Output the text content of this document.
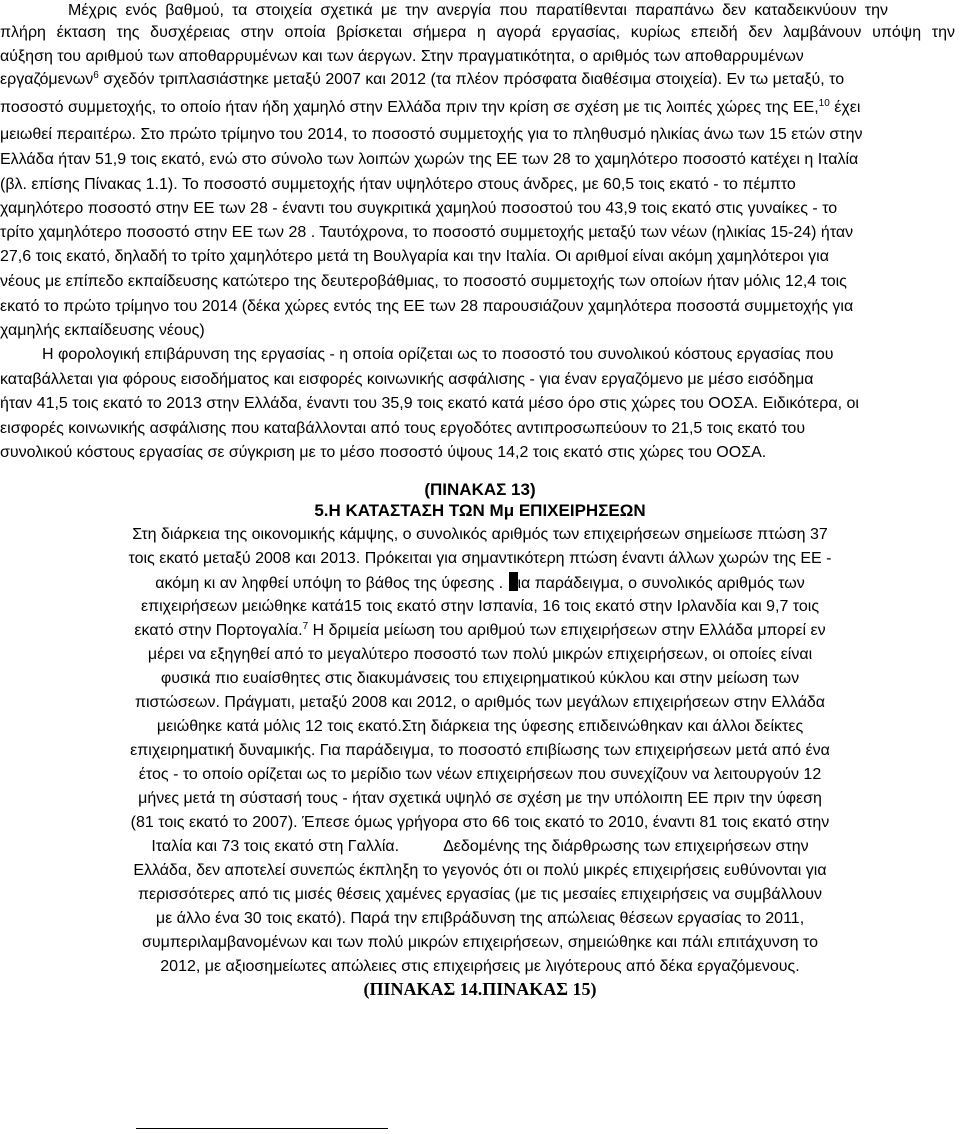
Μέχρις ενός βαθμού, τα στοιχεία σχετικά με την ανεργία που παρατίθενται παραπάνω δεν καταδεικνύουν την
πλήρη έκταση της δυσχέρειας στην οποία βρίσκεται σήμερα η αγορά εργασίας, κυρίως επειδή δεν λαμβάνουν υπόψη την
αύξηση του αριθμού των αποθαρρυμένων και των άεργων. Στην πραγματικότητα, ο αριθμός των αποθαρρυμένων
εργαζόμενων$^6$ σχεδόν τριπλασιάστηκε μεταξύ 2007 και 2012 (τα πλέον πρόσφατα διαθέσιμα στοιχεία). Εν τω μεταξύ, το
ποσοστό συμμετοχής, το οποίο ήταν ήδη χαμηλό στην Ελλάδα πριν την κρίση σε σχέση με τις λοιπές χώρες της ΕΕ,$^{10}$ έχει
μειωθεί περαιτέρω. Στο πρώτο τρίμηνο του 2014, το ποσοστό συμμετοχής για το πληθυσμό ηλικίας άνω των 15 ετών στην
Ελλάδα ήταν 51,9 τοις εκατό, ενώ στο σύνολο των λοιπών χωρών της ΕΕ των 28 το χαμηλότερο ποσοστό κατέχει η Ιταλία
(βλ. επίσης Πίνακας 1.1). Το ποσοστό συμμετοχής ήταν υψηλότερο στους άνδρες, με 60,5 τοις εκατό - το πέμπτο
χαμηλότερο ποσοστό στην ΕΕ των 28 - έναντι του συγκριτικά χαμηλού ποσοστού του 43,9 τοις εκατό στις γυναίκες - το
τρίτο χαμηλότερο ποσοστό στην ΕΕ των 28 . Ταυτόχρονα, το ποσοστό συμμετοχής μεταξύ των νέων (ηλικίας 15-24) ήταν
27,6 τοις εκατό, δηλαδή το τρίτο χαμηλότερο μετά τη Βουλγαρία και την Ιταλία. Οι αριθμοί είναι ακόμη χαμηλότεροι για
νέους με επίπεδο εκπαίδευσης κατώτερο της δευτεροβάθμιας, το ποσοστό συμμετοχής των οποίων ήταν μόλις 12,4 τοις
εκατό το πρώτο τρίμηνο του 2014 (δέκα χώρες εντός της ΕΕ των 28 παρουσιάζουν χαμηλότερα ποσοστά συμμετοχής για
χαμηλής εκπαίδευσης νέους)
Η φορολογική επιβάρυνση της εργασίας - η οποία ορίζεται ως το ποσοστό του συνολικού κόστους εργασίας που
καταβάλλεται για φόρους εισοδήματος και εισφορές κοινωνικής ασφάλισης - για έναν εργαζόμενο με μέσο εισόδημα
ήταν 41,5 τοις εκατό το 2013 στην Ελλάδα, έναντι του 35,9 τοις εκατό κατά μέσο όρο στις χώρες του ΟΟΣΑ. Ειδικότερα, οι
εισφορές κοινωνικής ασφάλισης που καταβάλλονται από τους εργοδότες αντιπροσωπεύουν το 21,5 τοις εκατό του
συνολικού κόστους εργασίας σε σύγκριση με το μέσο ποσοστό ύψους 14,2 τοις εκατό στις χώρες του ΟΟΣΑ.
(ΠΙΝΑΚΑΣ 13)
5.Η ΚΑΤΑΣΤΑΣΗ ΤΩΝ Μμ ΕΠΙΧΕΙΡΗΣΕΩΝ
Στη διάρκεια της οικονομικής κάμψης, ο συνολικός αριθμός των επιχειρήσεων σημείωσε πτώση 37
τοις εκατό μεταξύ 2008 και 2013. Πρόκειται για σημαντικότερη πτώση έναντι άλλων χωρών της ΕΕ -
ακόμη κι αν ληφθεί υπόψη το βάθος της ύφεσης . ια παράδειγμα, ο συνολικός αριθμός των
επιχειρήσεων μειώθηκε κατά15 τοις εκατό στην Ισπανία, 16 τοις εκατό στην Ιρλανδία και 9,7 τοις
εκατό στην Πορτογαλία.$^7$ Η δριμεία μείωση του αριθμού των επιχειρήσεων στην Ελλάδα μπορεί εν
μέρει να εξηγηθεί από το μεγαλύτερο ποσοστό των πολύ μικρών επιχειρήσεων, οι οποίες είναι
φυσικά πιο ευαίσθητες στις διακυμάνσεις του επιχειρηματικού κύκλου και στην μείωση των
πιστώσεων. Πράγματι, μεταξύ 2008 και 2012, ο αριθμός των μεγάλων επιχειρήσεων στην Ελλάδα
μειώθηκε κατά μόλις 12 τοις εκατό.Στη διάρκεια της ύφεσης επιδεινώθηκαν και άλλοι δείκτες
επιχειρηματική δυναμικής. Για παράδειγμα, το ποσοστό επιβίωσης των επιχειρήσεων μετά από ένα
έτος - το οποίο ορίζεται ως το μερίδιο των νέων επιχειρήσεων που συνεχίζουν να λειτουργούν 12
μήνες μετά τη σύστασή τους - ήταν σχετικά υψηλό σε σχέση με την υπόλοιπη ΕΕ πριν την ύφεση
(81 τοις εκατό το 2007). Έπεσε όμως γρήγορα στο 66 τοις εκατό το 2010, έναντι 81 τοις εκατό στην
Ιταλία και 73 τοις εκατό στη Γαλλία.	Δεδομένης της διάρθρωσης των επιχειρήσεων στην
Ελλάδα, δεν αποτελεί συνεπώς έκπληξη το γεγονός ότι οι πολύ μικρές επιχειρήσεις ευθύνονται για
περισσότερες από τις μισές θέσεις χαμένες εργασίας (με τις μεσαίες επιχειρήσεις να συμβάλλουν
με άλλο ένα 30 τοις εκατό). Παρά την επιβράδυνση της απώλειας θέσεων εργασίας το 2011,
συμπεριλαμβανομένων και των πολύ μικρών επιχειρήσεων, σημειώθηκε και πάλι επιτάχυνση το
2012, με αξιοσημείωτες απώλειες στις επιχειρήσεις με λιγότερους από δέκα εργαζόμενους.
(ΠΙΝΑΚΑΣ 14.ΠΙΝΑΚΑΣ 15)
